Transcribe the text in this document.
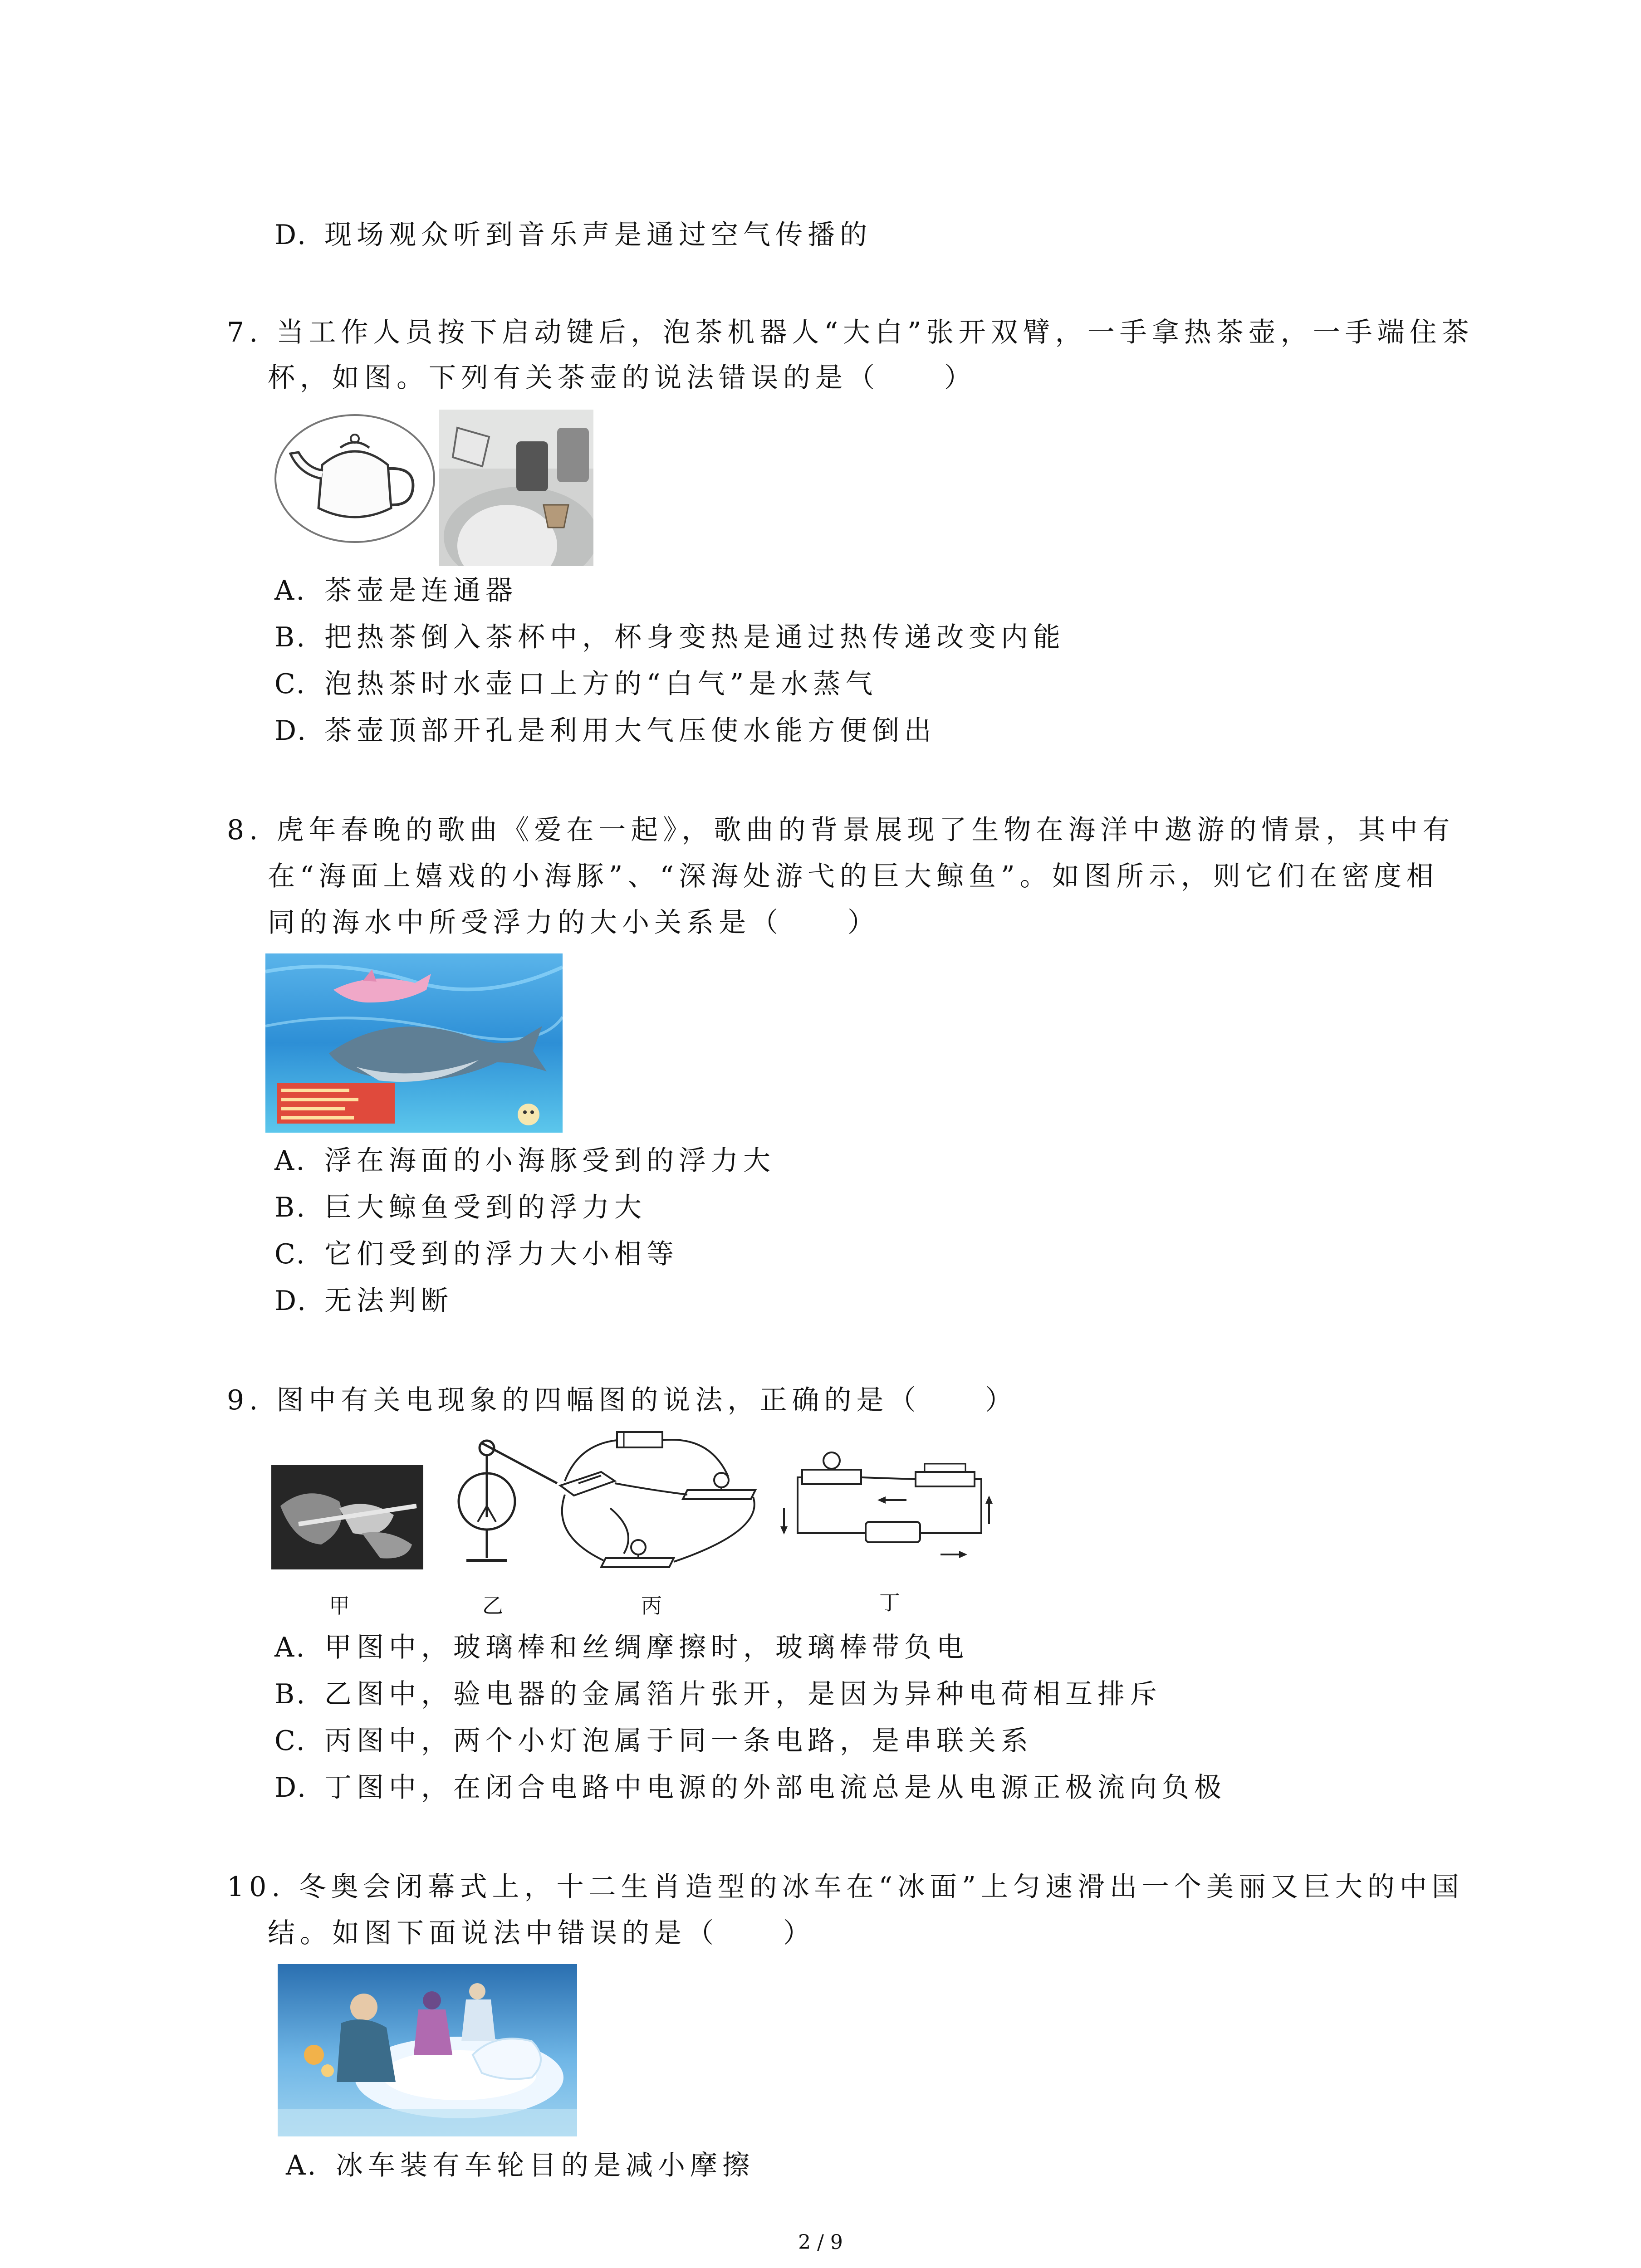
D. 现场观众听到音乐声是通过空气传播的
7. 当工作人员按下启动键后，泡茶机器人“大白”张开双臂，一手拿热茶壶，一手端住茶
杯，如图。下列有关茶壶的说法错误的是（　　）
A. 茶壶是连通器
B. 把热茶倒入茶杯中，杯身变热是通过热传递改变内能
C. 泡热茶时水壶口上方的“白气”是水蒸气
D. 茶壶顶部开孔是利用大气压使水能方便倒出
8. 虎年春晚的歌曲《爱在一起》，歌曲的背景展现了生物在海洋中遨游的情景，其中有
在“海面上嬉戏的小海豚”、“深海处游弋的巨大鲸鱼”。如图所示，则它们在密度相
同的海水中所受浮力的大小关系是（　　）
A. 浮在海面的小海豚受到的浮力大
B. 巨大鲸鱼受到的浮力大
C. 它们受到的浮力大小相等
D. 无法判断
9. 图中有关电现象的四幅图的说法，正确的是（　　）
甲	乙	丙	丁
A. 甲图中，玻璃棒和丝绸摩擦时，玻璃棒带负电
B. 乙图中，验电器的金属箔片张开，是因为异种电荷相互排斥
C. 丙图中，两个小灯泡属于同一条电路，是串联关系
D. 丁图中，在闭合电路中电源的外部电流总是从电源正极流向负极
10. 冬奥会闭幕式上，十二生肖造型的冰车在“冰面”上匀速滑出一个美丽又巨大的中国
结。如图下面说法中错误的是（　　）
A. 冰车装有车轮目的是减小摩擦
2 / 9
